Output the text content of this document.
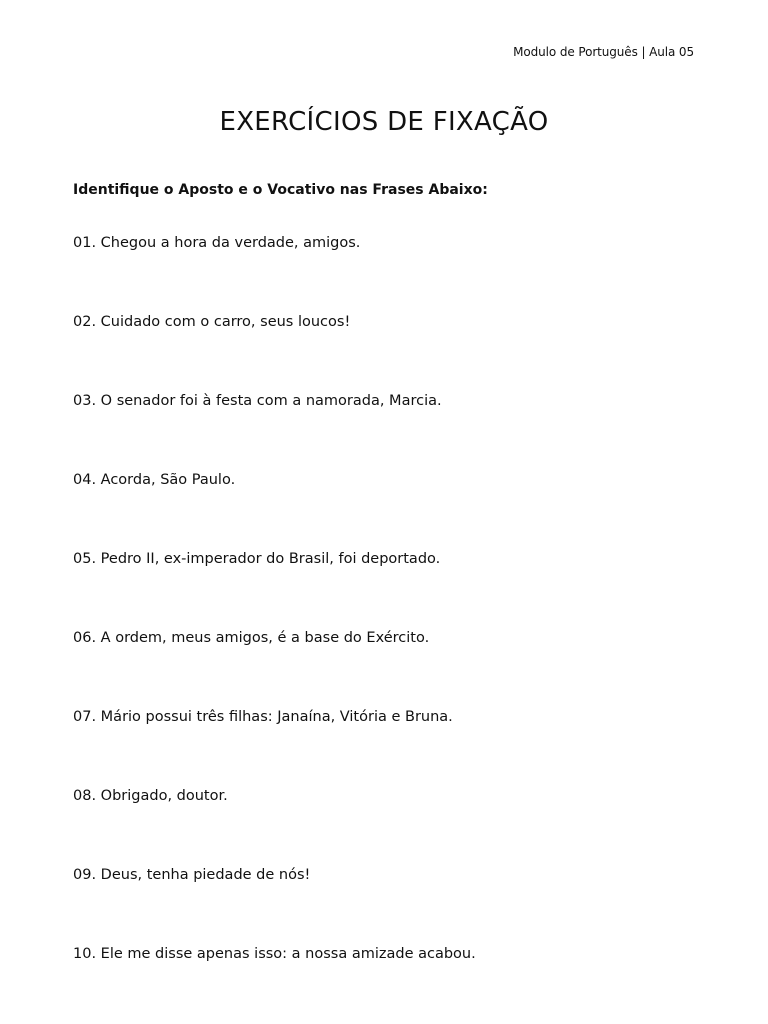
Modulo de Português | Aula 05
EXERCÍCIOS DE FIXAÇÃO

Identifique o Aposto e o Vocativo nas Frases Abaixo:

01. Chegou a hora da verdade, amigos.
02. Cuidado com o carro, seus loucos!
03. O senador foi à festa com a namorada, Marcia.
04. Acorda, São Paulo.
05. Pedro II, ex-imperador do Brasil, foi deportado.
06. A ordem, meus amigos, é a base do Exército.
07. Mário possui três filhas: Janaína, Vitória e Bruna.
08. Obrigado, doutor.
09. Deus, tenha piedade de nós!
10. Ele me disse apenas isso: a nossa amizade acabou.
